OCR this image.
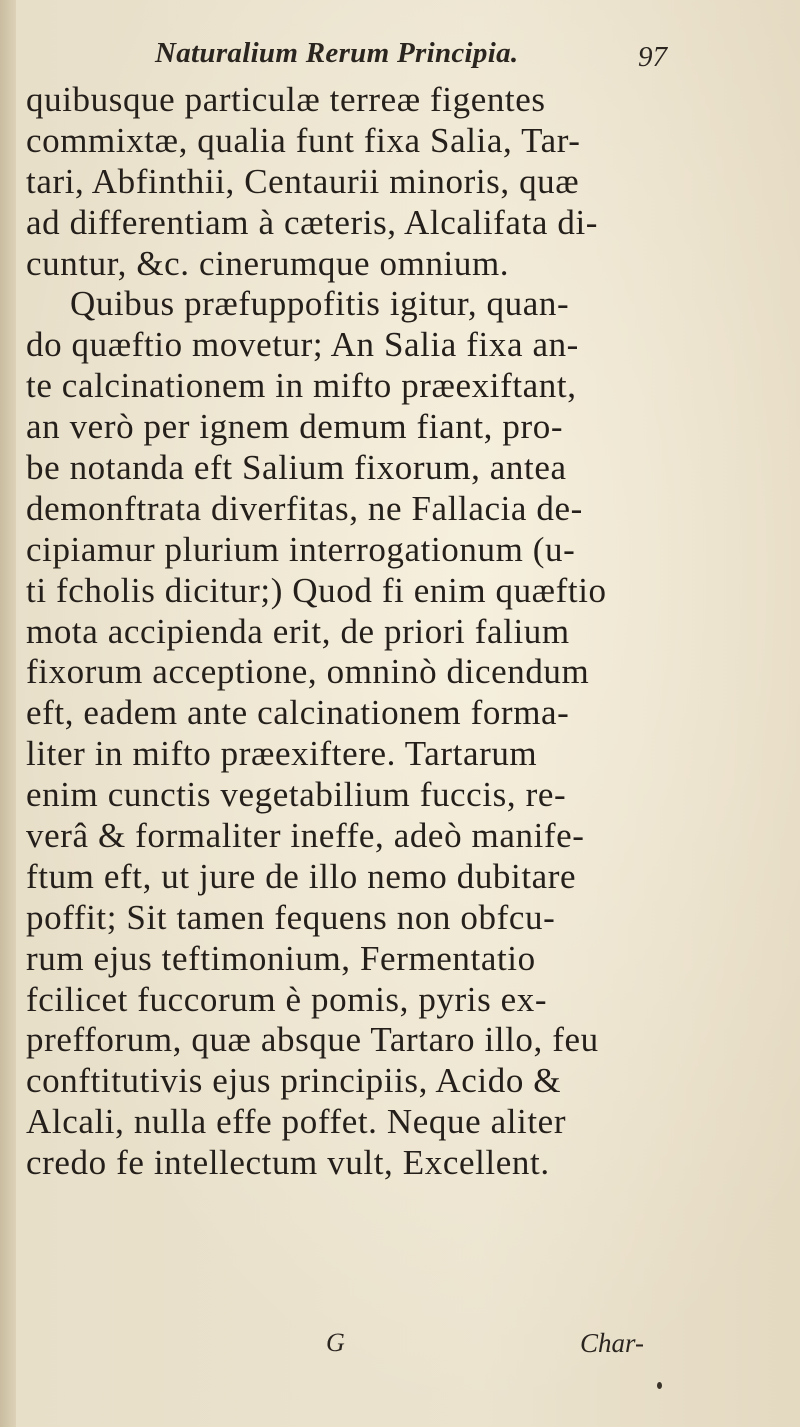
Naturalium Rerum Principia.	97
quibusque particulæ terreæ figentes
commixtæ, qualia funt fixa Salia, Tar-
tari, Abfinthii, Centaurii minoris, quæ
ad differentiam à cæteris, Alcalifata di-
cuntur, &c. cinerumque omnium.
Quibus præfuppofitis igitur, quan-
do quæftio movetur; An Salia fixa an-
te calcinationem in mifto præexiftant,
an verò per ignem demum fiant, pro-
be notanda eft Salium fixorum, antea
demonftrata diverfitas, ne Fallacia de-
cipiamur plurium interrogationum (u-
ti fcholis dicitur;) Quod fi enim quæftio
mota accipienda erit, de priori falium
fixorum acceptione, omninò dicendum
eft, eadem ante calcinationem forma-
liter in mifto præexiftere. Tartarum
enim cunctis vegetabilium fuccis, re-
verâ & formaliter ineffe, adeò manife-
ftum eft, ut jure de illo nemo dubitare
poffit; Sit tamen fequens non obfcu-
rum ejus teftimonium, Fermentatio
fcilicet fuccorum è pomis, pyris ex-
prefforum, quæ absque Tartaro illo, feu
conftitutivis ejus principiis, Acido &
Alcali, nulla effe poffet. Neque aliter
credo fe intellectum vult, Excellent.
G	Char-
